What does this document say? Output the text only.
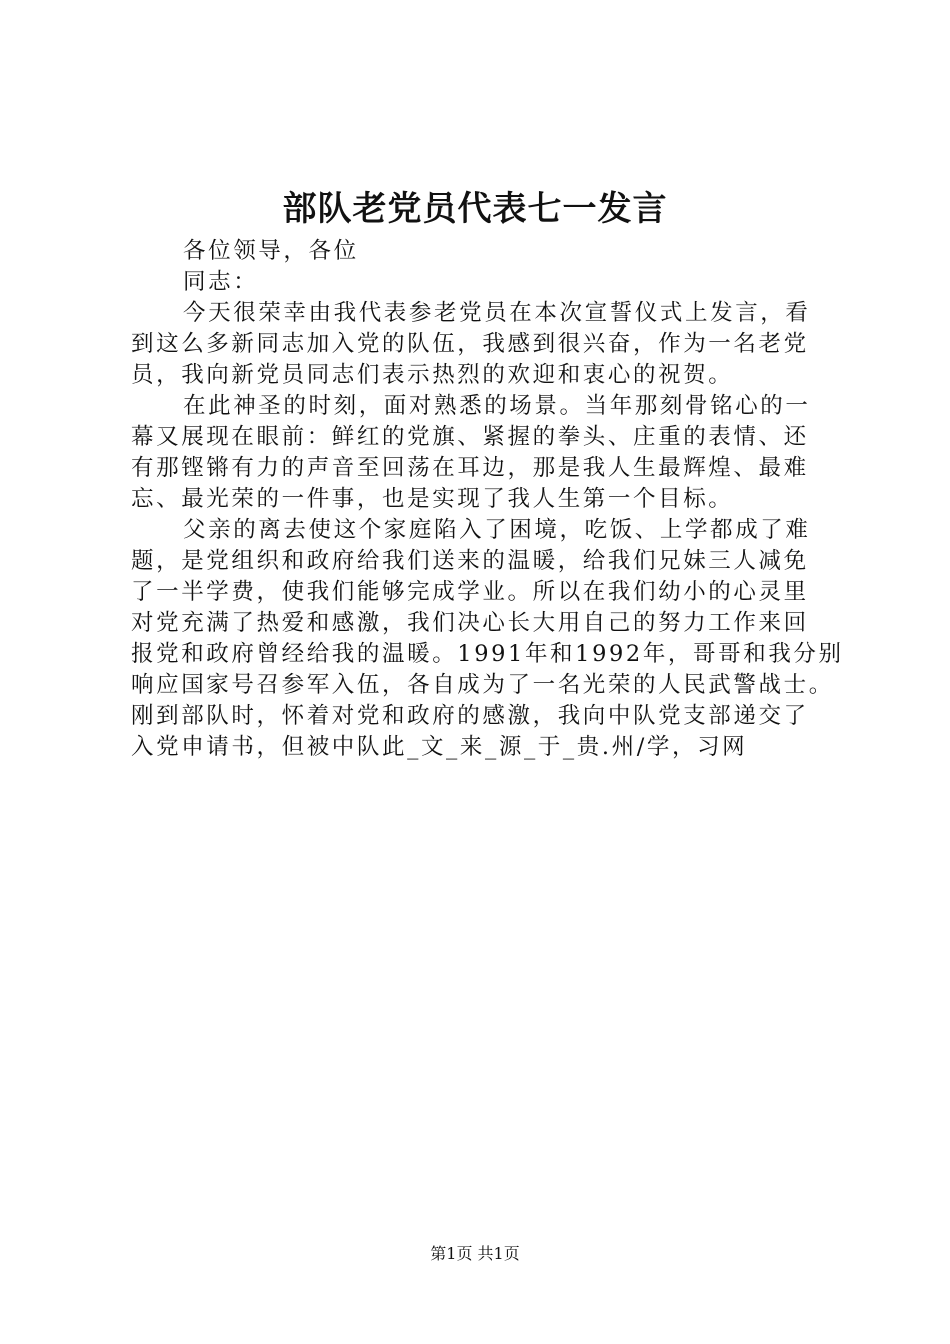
部队老党员代表七一发言
各位领导，各位
同志：
今天很荣幸由我代表参老党员在本次宣誓仪式上发言，看
到这么多新同志加入党的队伍，我感到很兴奋，作为一名老党
员，我向新党员同志们表示热烈的欢迎和衷心的祝贺。
在此神圣的时刻，面对熟悉的场景。当年那刻骨铭心的一
幕又展现在眼前：鲜红的党旗、紧握的拳头、庄重的表情、还
有那铿锵有力的声音至回荡在耳边，那是我人生最辉煌、最难
忘、最光荣的一件事，也是实现了我人生第一个目标。
父亲的离去使这个家庭陷入了困境，吃饭、上学都成了难
题，是党组织和政府给我们送来的温暖，给我们兄妹三人减免
了一半学费，使我们能够完成学业。所以在我们幼小的心灵里
对党充满了热爱和感激，我们决心长大用自己的努力工作来回
报党和政府曾经给我的温暖。1991年和1992年，哥哥和我分别
响应国家号召参军入伍，各自成为了一名光荣的人民武警战士。
刚到部队时，怀着对党和政府的感激，我向中队党支部递交了
入党申请书，但被中队此_文_来_源_于_贵.州/学，习网
第1页 共1页
